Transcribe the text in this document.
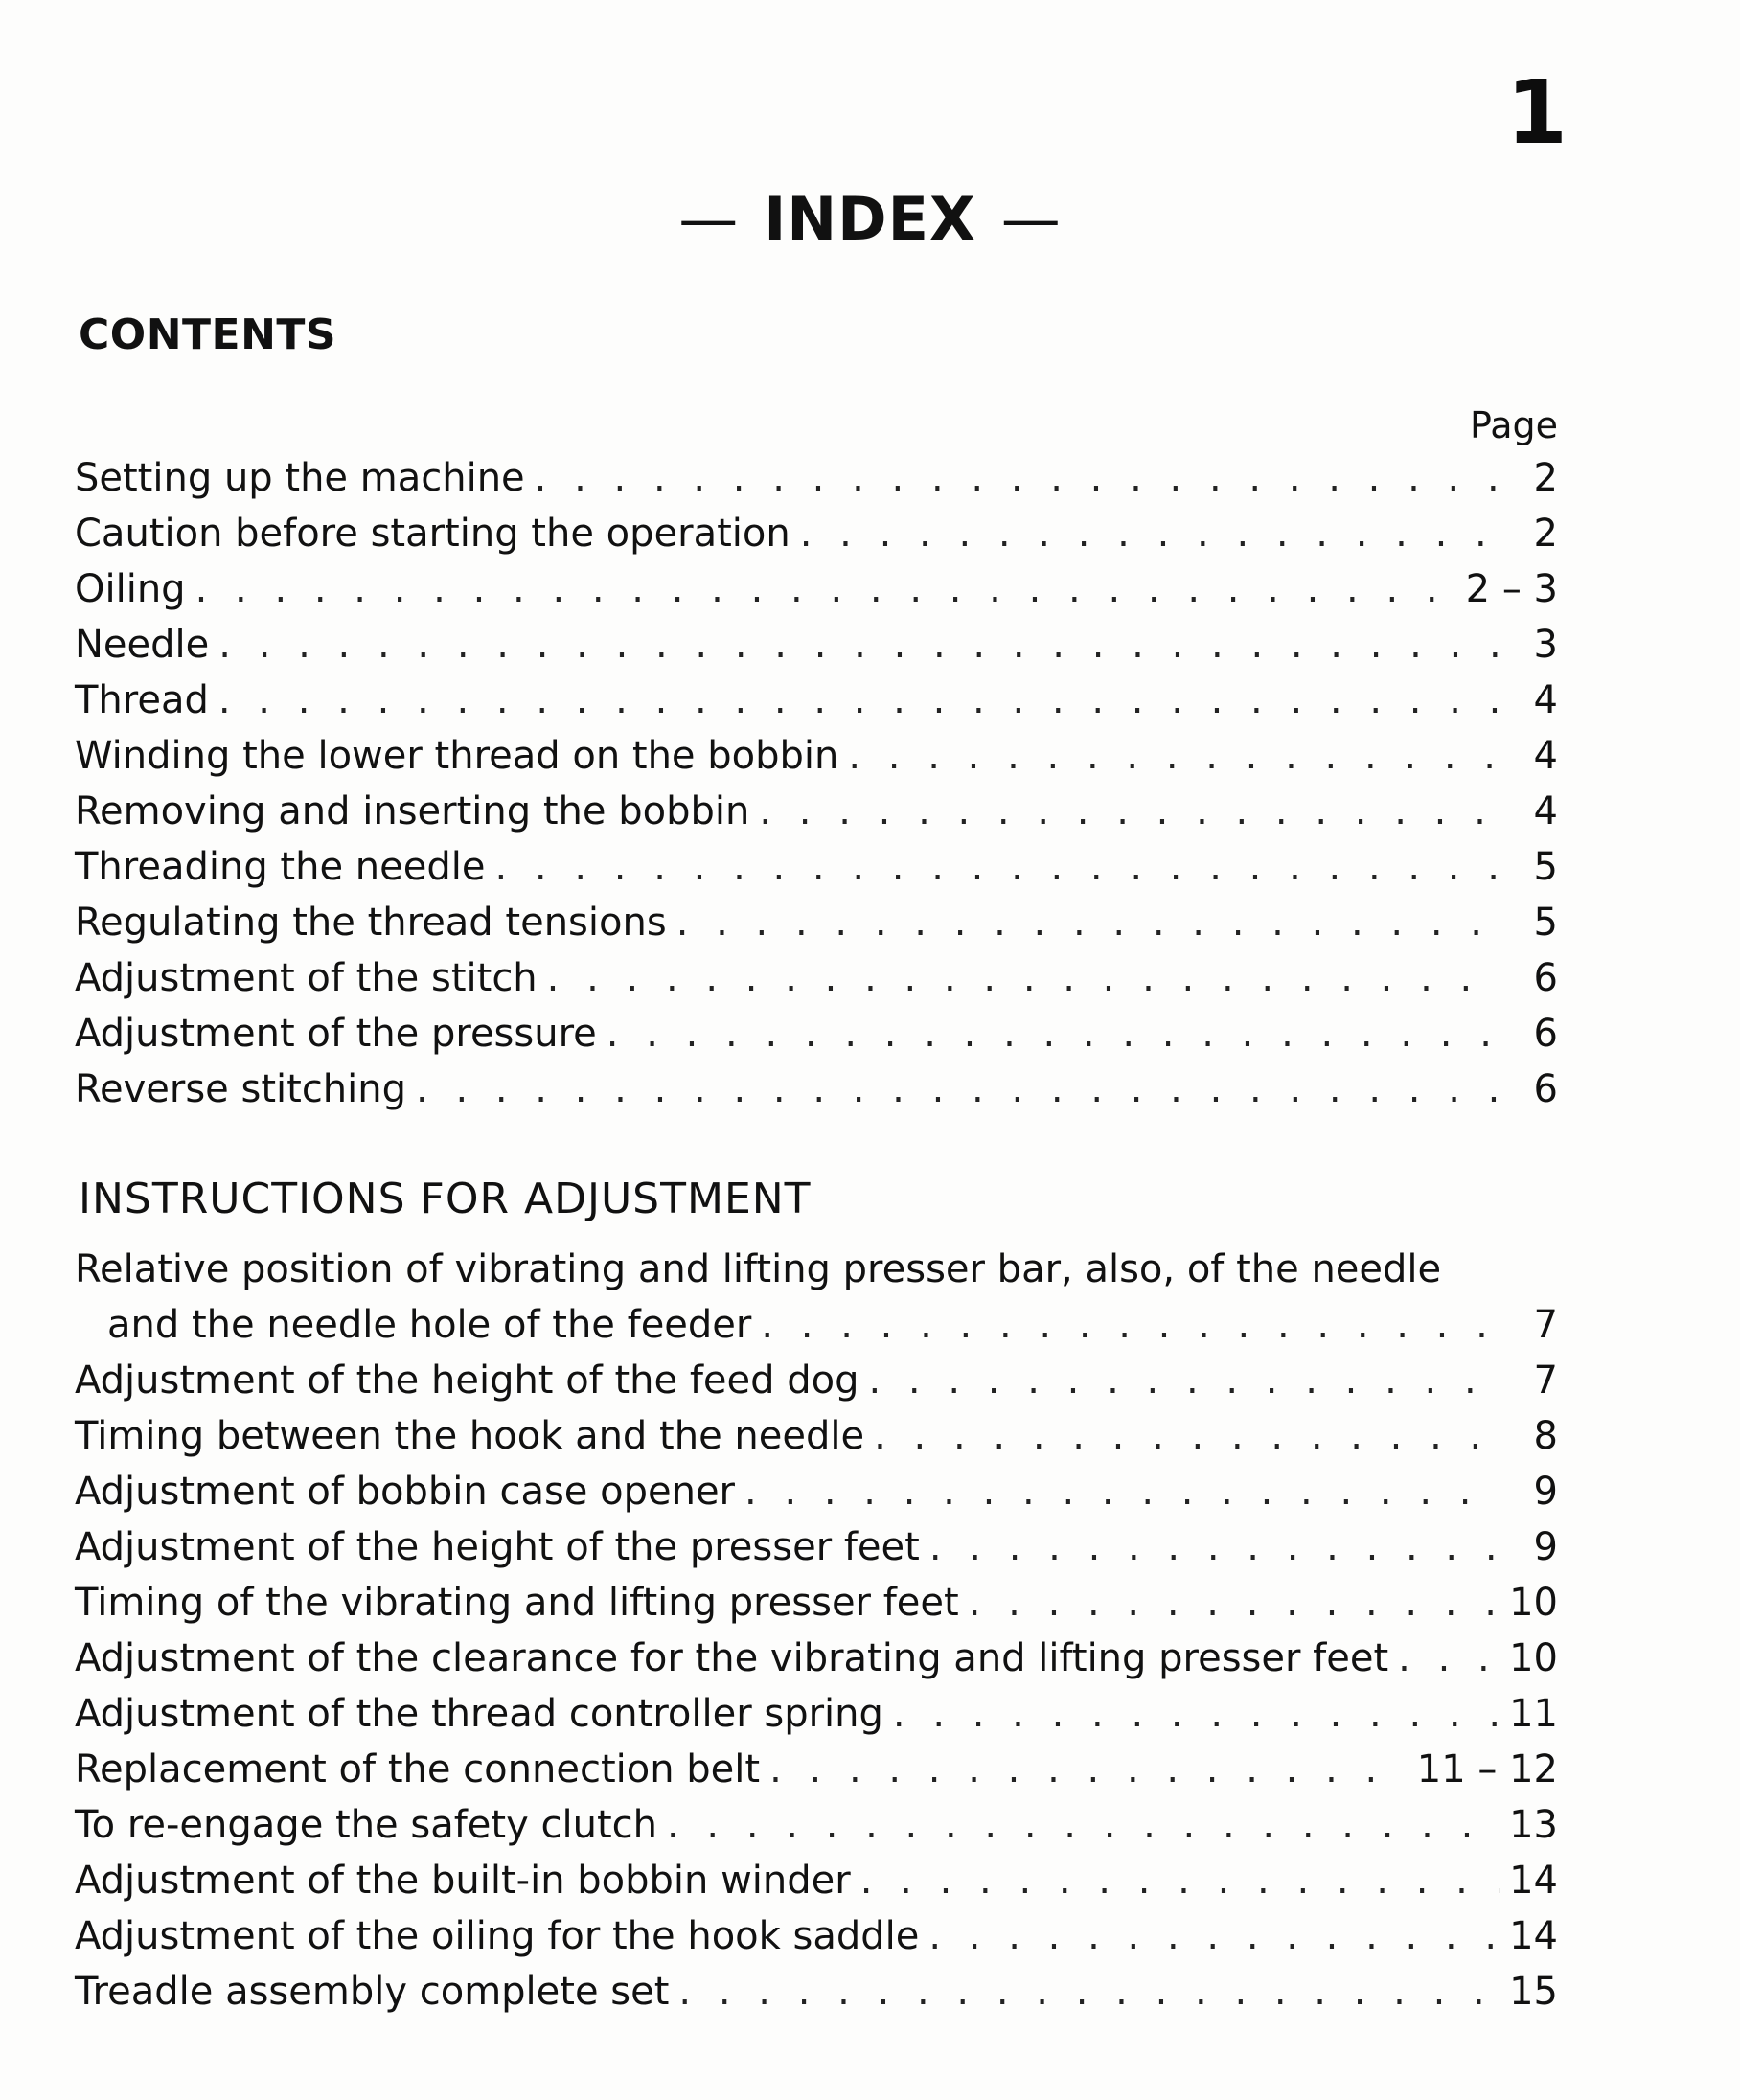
1
— INDEX —
CONTENTS
Page
Setting up the machine . . .	2
Caution before starting the operation . . .	2
Oiling . . .	2 – 3
Needle . . .	3
Thread . . .	4
Winding the lower thread on the bobbin . . .	4
Removing and inserting the bobbin . . .	4
Threading the needle . . .	5
Regulating the thread tensions . . .	5
Adjustment of the stitch . . .	6
Adjustment of the pressure . . .	6
Reverse stitching . . .	6
INSTRUCTIONS FOR ADJUSTMENT
Relative position of vibrating and lifting presser bar, also, of the needle
and the needle hole of the feeder . . .	7
Adjustment of the height of the feed dog . . .	7
Timing between the hook and the needle . . .	8
Adjustment of bobbin case opener . . .	9
Adjustment of the height of the presser feet . . .	9
Timing of the vibrating and lifting presser feet . . .	10
Adjustment of the clearance for the vibrating and lifting presser feet . . .	10
Adjustment of the thread controller spring . . .	11
Replacement of the connection belt . . .	11 – 12
To re-engage the safety clutch . . .	13
Adjustment of the built-in bobbin winder . . .	14
Adjustment of the oiling for the hook saddle . . .	14
Treadle assembly complete set . . .	15
